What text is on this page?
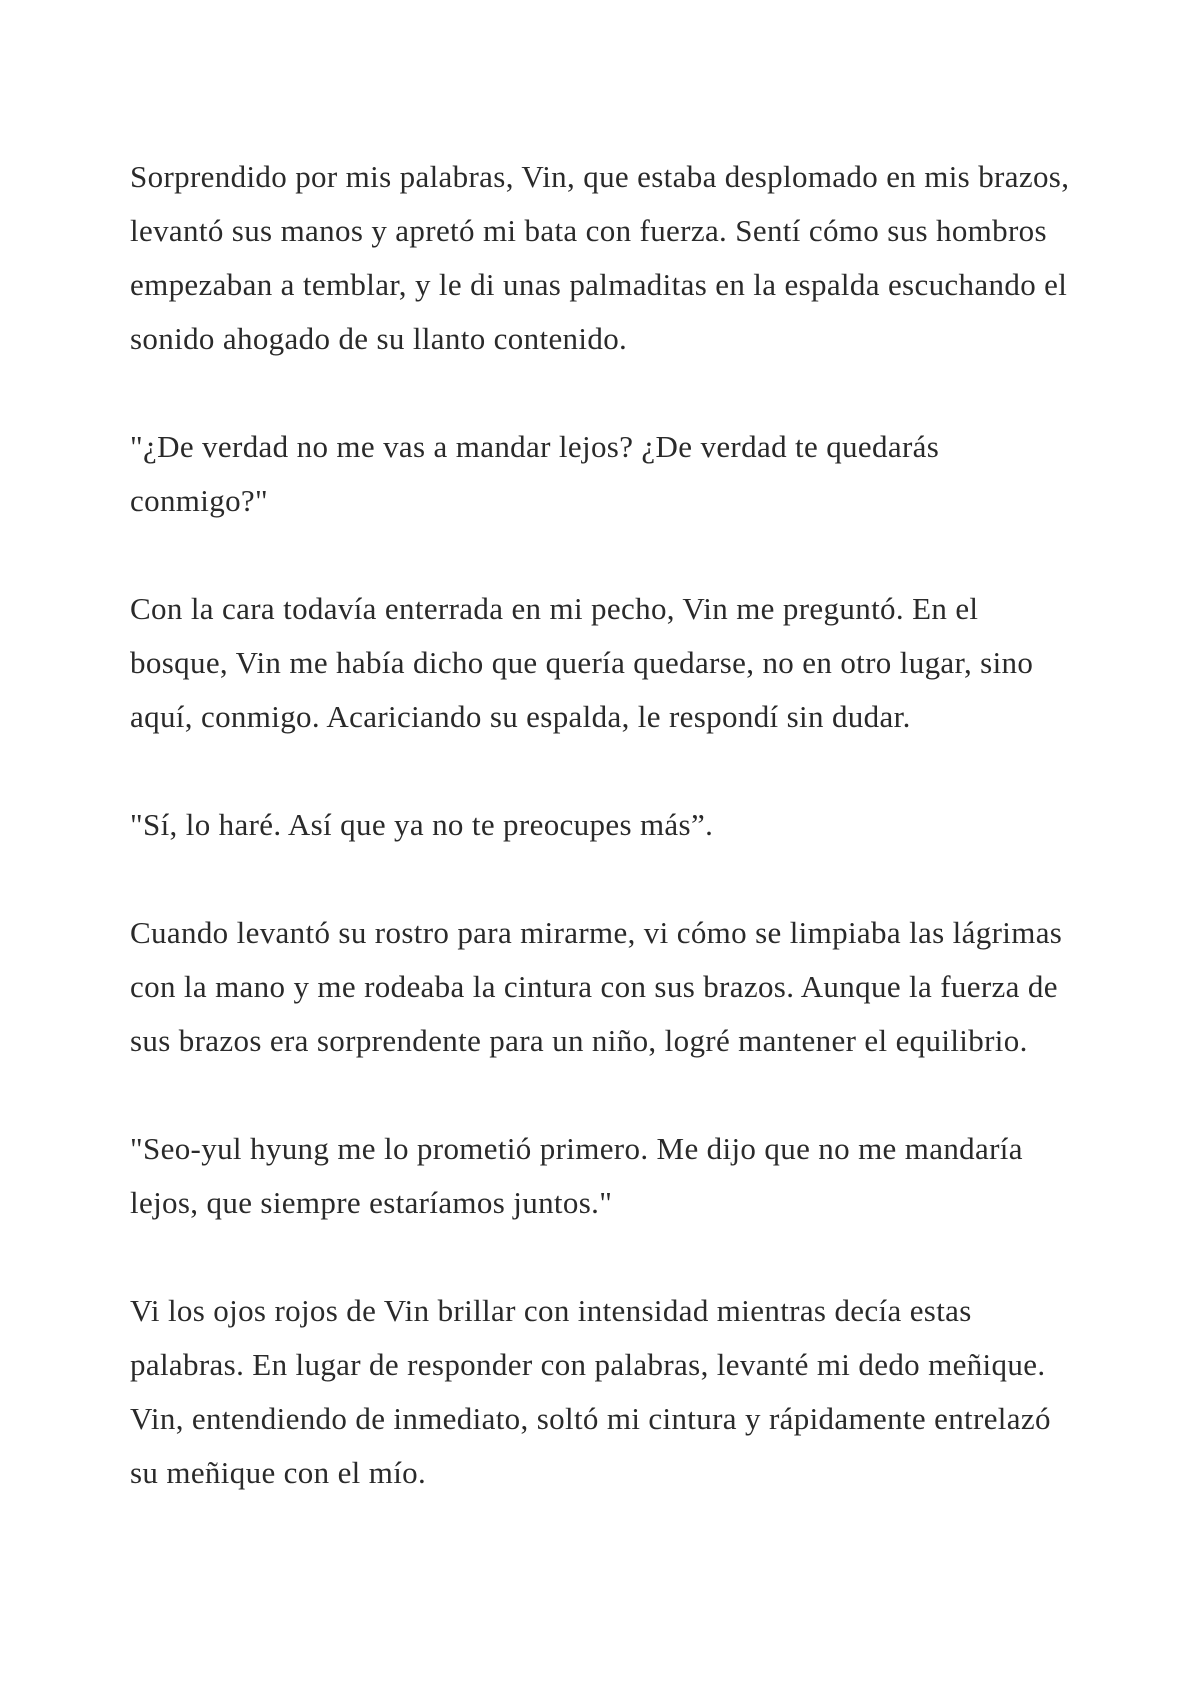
Sorprendido por mis palabras, Vin, que estaba desplomado en mis brazos, levantó sus manos y apretó mi bata con fuerza. Sentí cómo sus hombros empezaban a temblar, y le di unas palmaditas en la espalda escuchando el sonido ahogado de su llanto contenido.

"¿De verdad no me vas a mandar lejos? ¿De verdad te quedarás conmigo?"

Con la cara todavía enterrada en mi pecho, Vin me preguntó. En el bosque, Vin me había dicho que quería quedarse, no en otro lugar, sino aquí, conmigo. Acariciando su espalda, le respondí sin dudar.

"Sí, lo haré. Así que ya no te preocupes más”.

Cuando levantó su rostro para mirarme, vi cómo se limpiaba las lágrimas con la mano y me rodeaba la cintura con sus brazos. Aunque la fuerza de sus brazos era sorprendente para un niño, logré mantener el equilibrio.

"Seo-yul hyung me lo prometió primero. Me dijo que no me mandaría lejos, que siempre estaríamos juntos."

Vi los ojos rojos de Vin brillar con intensidad mientras decía estas palabras. En lugar de responder con palabras, levanté mi dedo meñique. Vin, entendiendo de inmediato, soltó mi cintura y rápidamente entrelazó su meñique con el mío.
